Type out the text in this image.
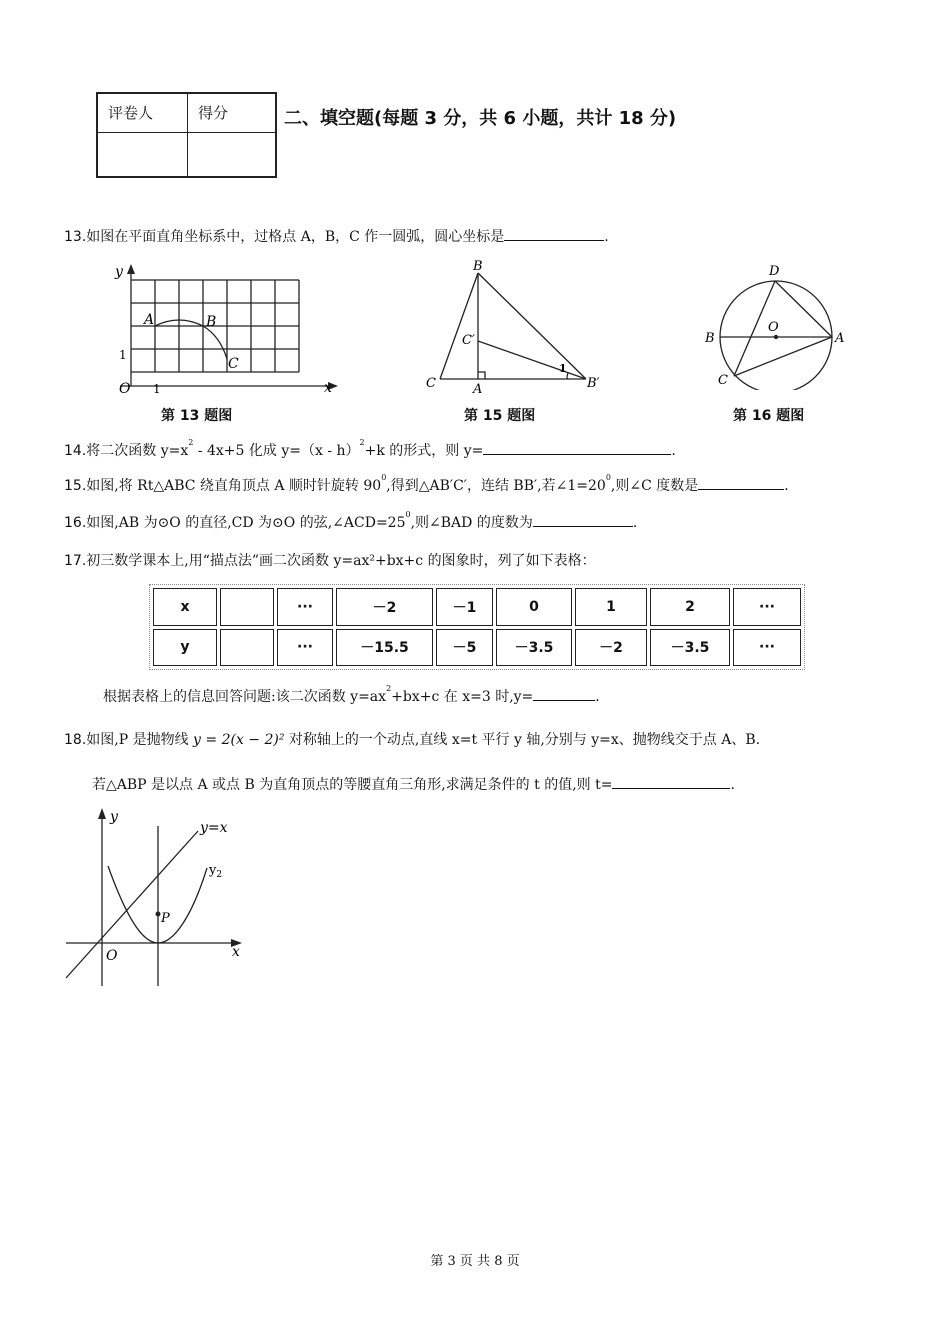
评卷人	得分	二、填空题(每题 3 分，共 6 小题，共计 18 分)
13.如图在平面直角坐标系中，过格点 A，B，C 作一圆弧，圆心坐标是	.
y
x
O 1
1
A	B
C
B
C′
C	A	B′
1
D
B
O
A
C
第 13 题图	第 15 题图	第 16 题图
14.将二次函数 $y=x^2 - 4x+5$ 化成 y=（x - h）$^2$+k 的形式，则 y=	.
15.如图,将 Rt△ABC 绕直角顶点 A 顺时针旋转 $90^0$,得到△AB′C′，连结 BB′,若$\angle 1=20^0$,则∠C 度数是	.
16.如图,AB 为⊙O 的直径,CD 为⊙O 的弦$,\angle ACD=25^0$,则∠BAD 的度数为	.
17.初三数学课本上,用“描点法”画二次函数 y=ax²+bx+c 的图象时，列了如下表格：
x		···	－2	－1	0	1	2	···
y		···	－15.5	－5	－3.5	－2	－3.5	···
根据表格上的信息回答问题:该二次函数 $y=ax^2+bx+c$ 在 x=3 时,y=	.
18.如图,P 是抛物线 y = 2(x − 2)² 对称轴上的一个动点,直线 x=t 平行 y 轴,分别与 y=x、抛物线交于点 A、B.
若△ABP 是以点 A 或点 B 为直角顶点的等腰直角三角形,求满足条件的 t 的值,则 t=	.
y
x
O
y=x
$y_2$
P
第 3 页 共 8 页
